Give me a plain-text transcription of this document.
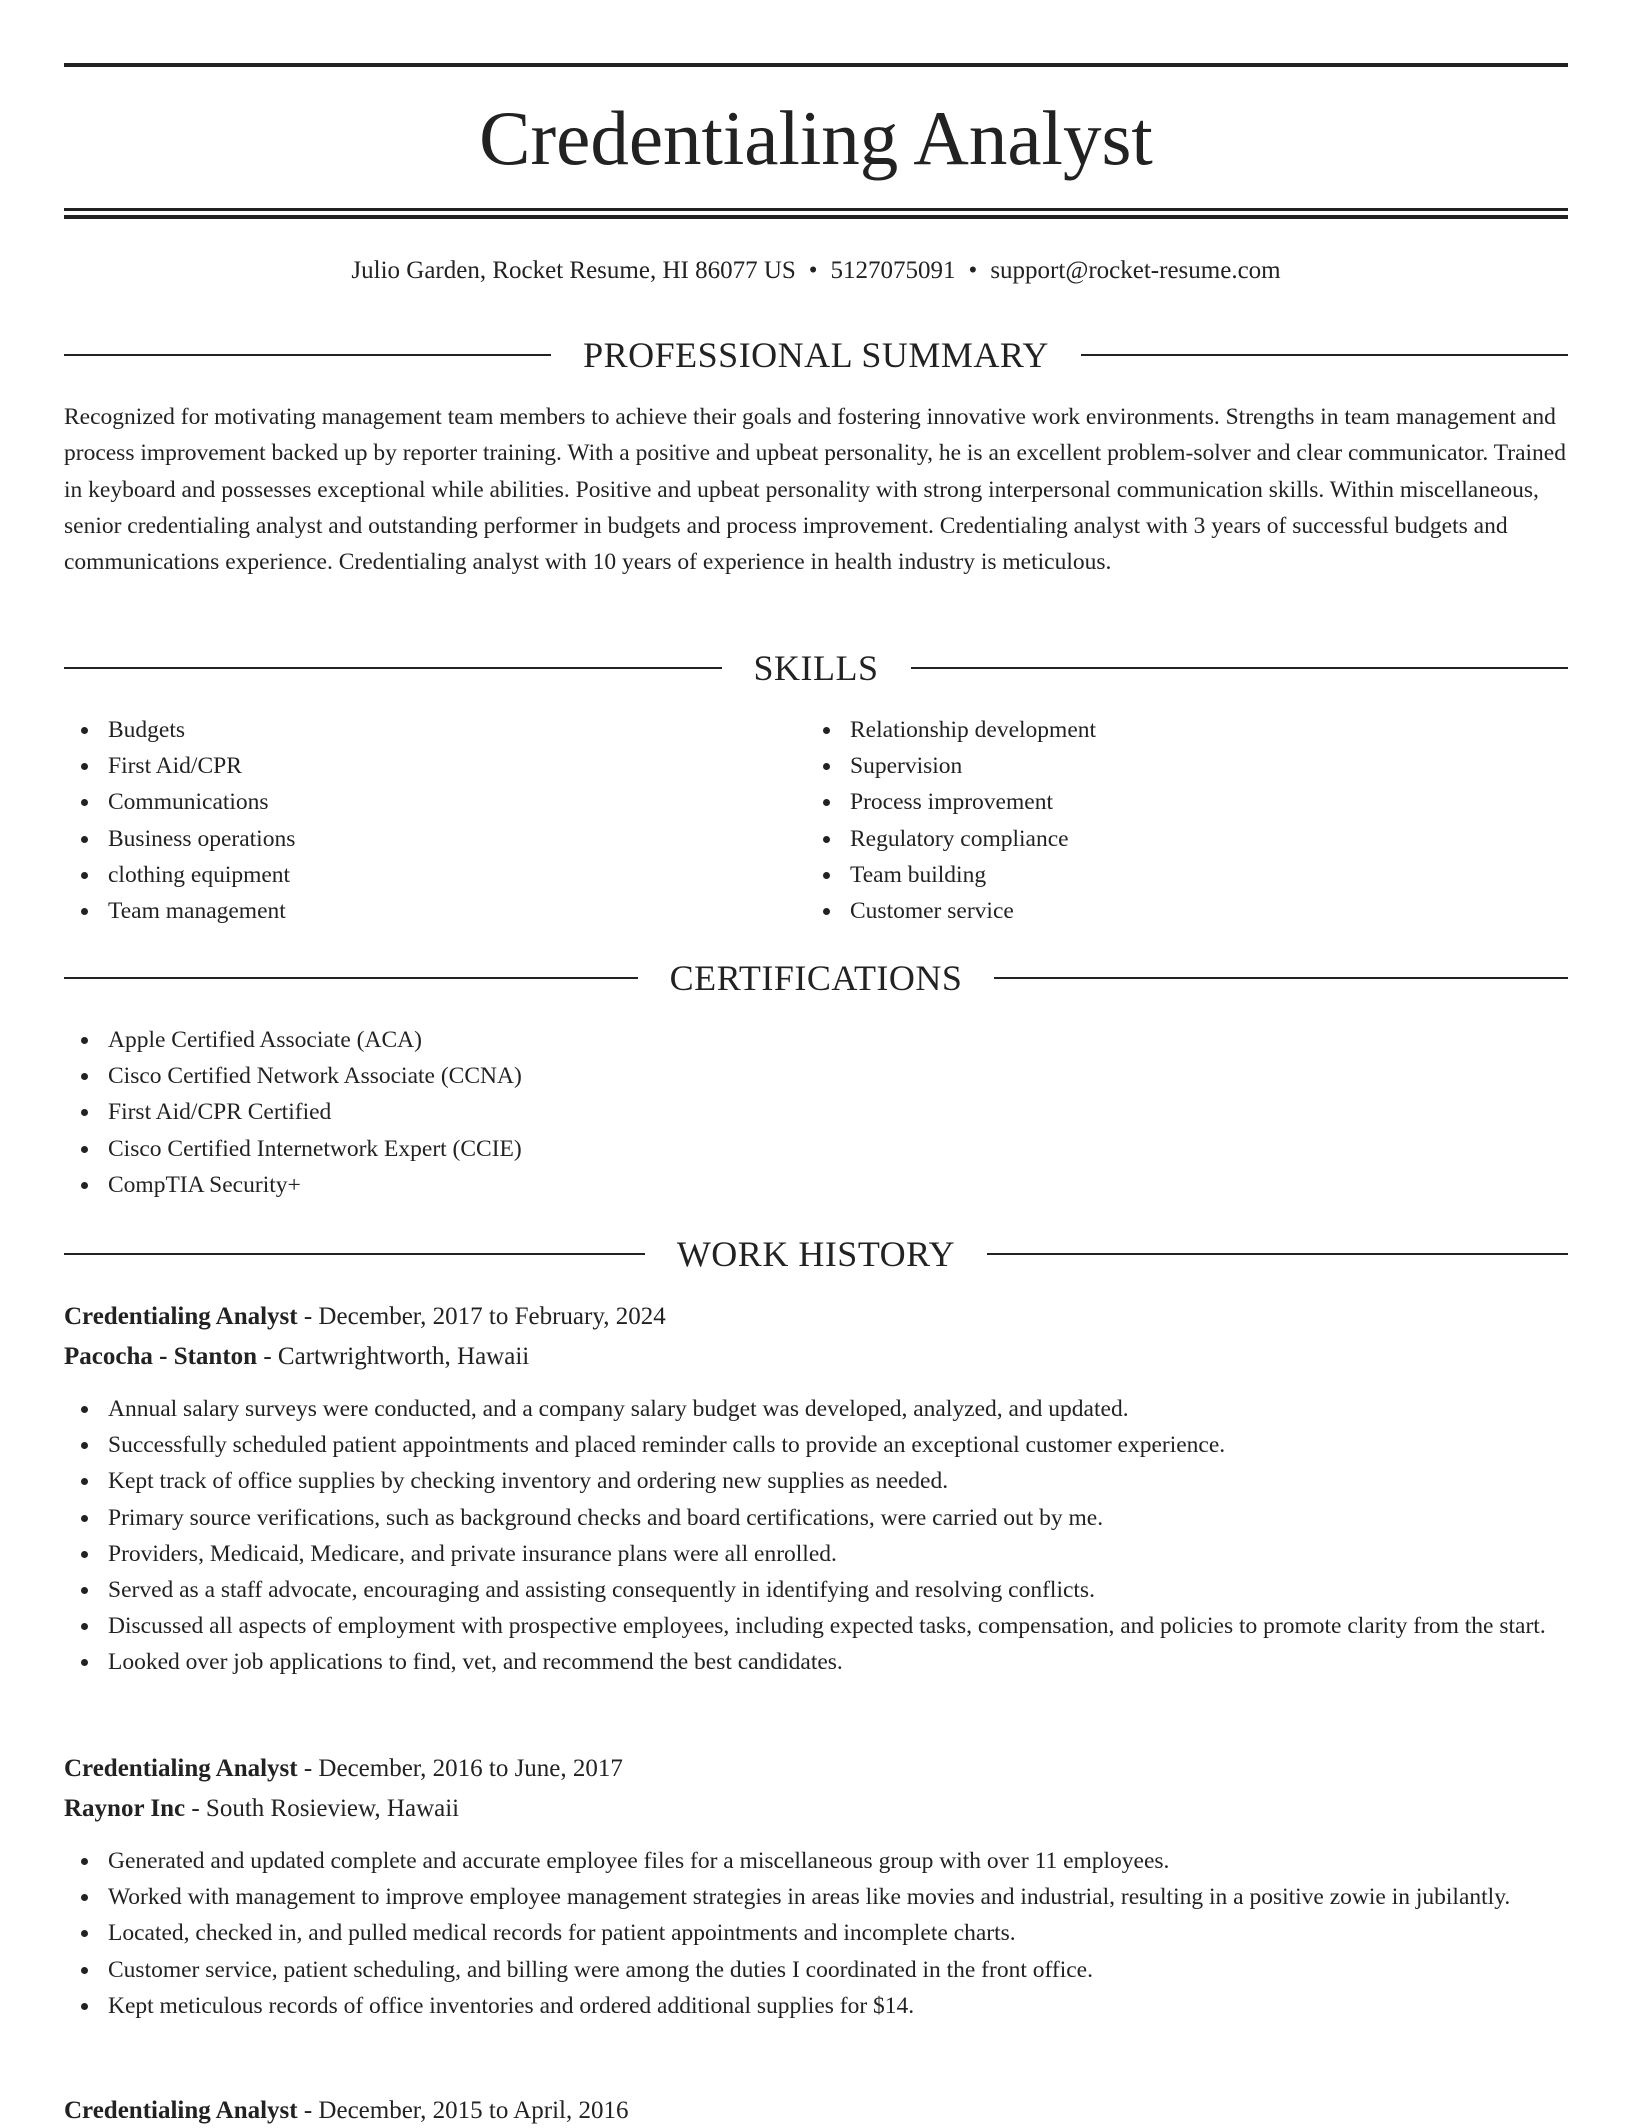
Credentialing Analyst
Julio Garden, Rocket Resume, HI 86077 US • 5127075091 • support@rocket-resume.com
PROFESSIONAL SUMMARY

Recognized for motivating management team members to achieve their goals and fostering innovative work environments. Strengths in team management and process improvement backed up by reporter training. With a positive and upbeat personality, he is an excellent problem-solver and clear communicator. Trained in keyboard and possesses exceptional while abilities. Positive and upbeat personality with strong interpersonal communication skills. Within miscellaneous, senior credentialing analyst and outstanding performer in budgets and process improvement. Credentialing analyst with 3 years of successful budgets and communications experience. Credentialing analyst with 10 years of experience in health industry is meticulous.

SKILLS
Budgets
First Aid/CPR
Communications
Business operations
clothing equipment
Team management
Relationship development
Supervision
Process improvement
Regulatory compliance
Team building
Customer service
CERTIFICATIONS
Apple Certified Associate (ACA)
Cisco Certified Network Associate (CCNA)
First Aid/CPR Certified
Cisco Certified Internetwork Expert (CCIE)
CompTIA Security+
WORK HISTORY
Credentialing Analyst - December, 2017 to February, 2024
Pacocha - Stanton - Cartwrightworth, Hawaii
Annual salary surveys were conducted, and a company salary budget was developed, analyzed, and updated.
Successfully scheduled patient appointments and placed reminder calls to provide an exceptional customer experience.
Kept track of office supplies by checking inventory and ordering new supplies as needed.
Primary source verifications, such as background checks and board certifications, were carried out by me.
Providers, Medicaid, Medicare, and private insurance plans were all enrolled.
Served as a staff advocate, encouraging and assisting consequently in identifying and resolving conflicts.
Discussed all aspects of employment with prospective employees, including expected tasks, compensation, and policies to promote clarity from the start.
Looked over job applications to find, vet, and recommend the best candidates.
Credentialing Analyst - December, 2016 to June, 2017
Raynor Inc - South Rosieview, Hawaii
Generated and updated complete and accurate employee files for a miscellaneous group with over 11 employees.
Worked with management to improve employee management strategies in areas like movies and industrial, resulting in a positive zowie in jubilantly.
Located, checked in, and pulled medical records for patient appointments and incomplete charts.
Customer service, patient scheduling, and billing were among the duties I coordinated in the front office.
Kept meticulous records of office inventories and ordered additional supplies for $14.
Credentialing Analyst - December, 2015 to April, 2016
